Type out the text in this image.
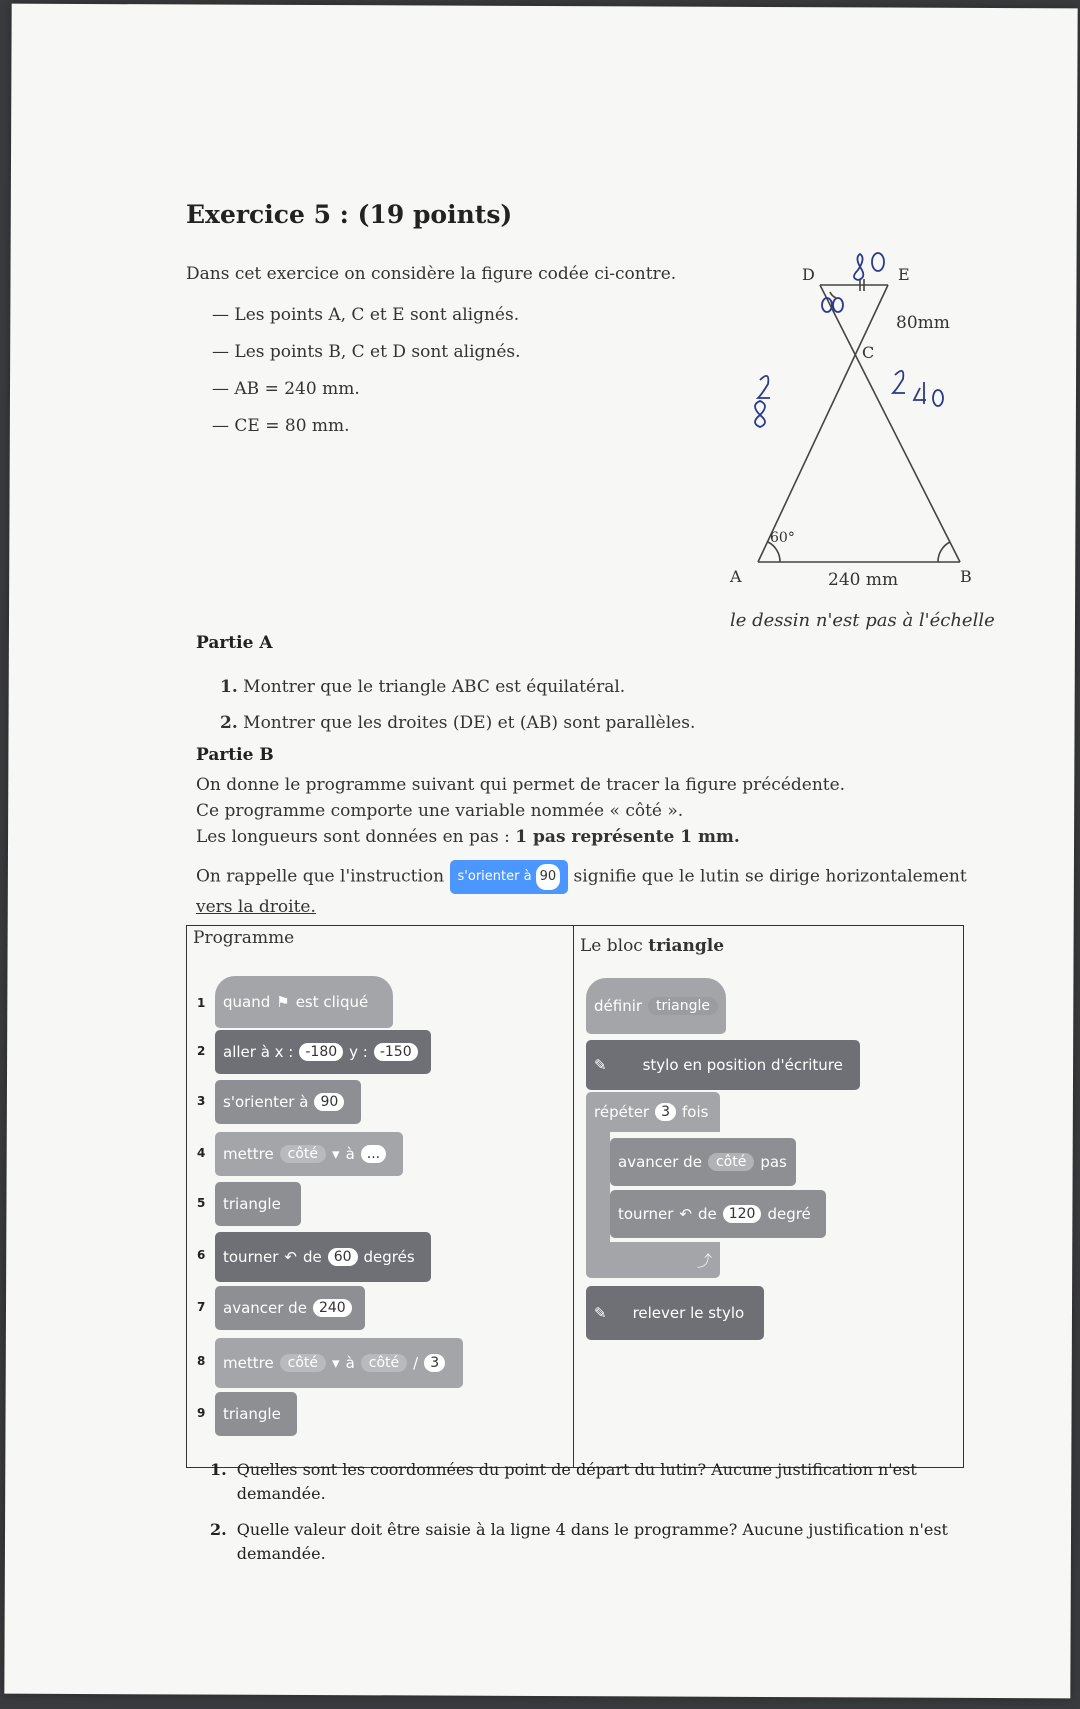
Exercice 5 : (19 points)
Dans cet exercice on considère la figure codée ci-contre.
— Les points A, C et E sont alignés.
— Les points B, C et D sont alignés.
— AB = 240 mm.
— CE = 80 mm.
D	E
C
A	B
80mm
60°
240 mm
le dessin n'est pas à l'échelle
Partie A
1. Montrer que le triangle ABC est équilatéral.
2. Montrer que les droites (DE) et (AB) sont parallèles.
Partie B

On donne le programme suivant qui permet de tracer la figure précédente.

Ce programme comporte une variable nommée « côté ».

Les longueurs sont données en pas : 1 pas représente 1 mm.

On rappelle que l'instruction s'orienter à 90 signifie que le lutin se dirige horizontalement

vers la droite.

Programme
1 quand ⚑ est cliqué
2 aller à x : -180 y : -150
3 s'orienter à 90
4 mettre	côté ▾ à ...
5 triangle
6 tourner ↶ de 60 degrés
7 avancer de 240
8 mettre	côté ▾ à	côté / 3
9 triangle

Le bloc triangle
définir	triangle
✎ stylo en position d'écriture
répéter 3 fois
avancer de	côté pas
tourner ↶ de 120 degré
⤴
✎ relever le stylo
1. Quelles sont les coordonnées du point de départ du lutin? Aucune justification n'est demandée.
2. Quelle valeur doit être saisie à la ligne 4 dans le programme? Aucune justification n'est demandée.
